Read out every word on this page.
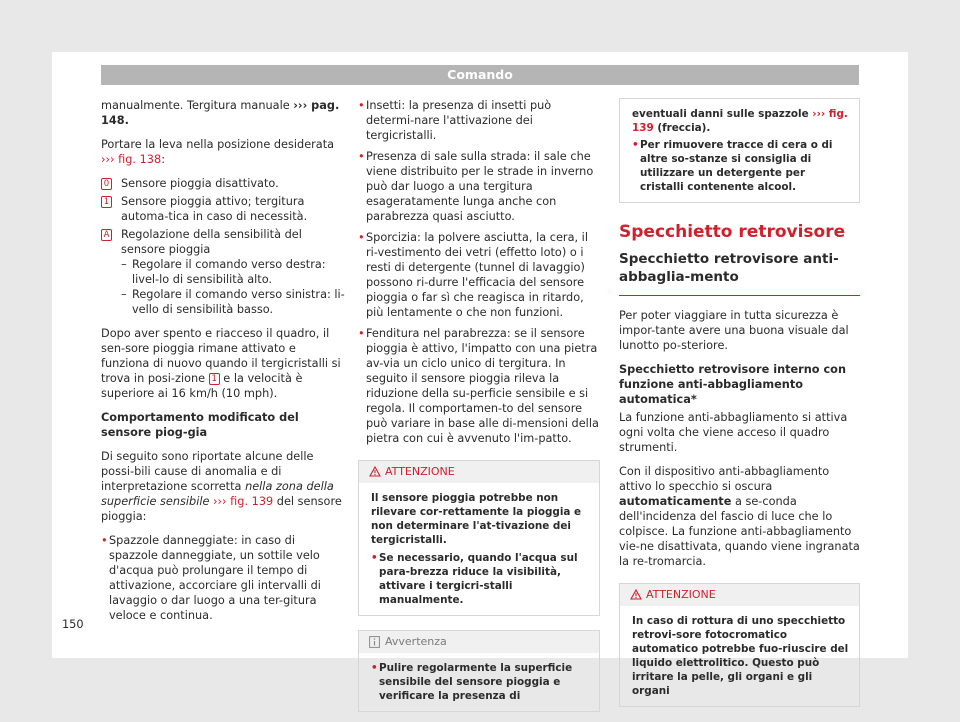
Comando

manualmente. Tergitura manuale ››› pag. 148.

Portare la leva nella posizione desiderata ››› fig. 138:

0 Sensore pioggia disattivato.
1 Sensore pioggia attivo; tergitura automa-tica in caso di necessità.
A Regolazione della sensibilità del sensore pioggia
– Regolare il comando verso destra: livel-lo di sensibilità alto.
– Regolare il comando verso sinistra: li-vello di sensibilità basso.

Dopo aver spento e riacceso il quadro, il sen-sore pioggia rimane attivato e funziona di nuovo quando il tergicristalli si trova in posi-zione 1 e la velocità è superiore ai 16 km/h (10 mph).

Comportamento modificato del sensore piog-gia

Di seguito sono riportate alcune delle possi-bili cause di anomalia e di interpretazione scorretta nella zona della superficie sensibile ››› fig. 139 del sensore pioggia:

• Spazzole danneggiate: in caso di spazzole danneggiate, un sottile velo d'acqua può prolungare il tempo di attivazione, accorciare gli intervalli di lavaggio o dar luogo a una ter-gitura veloce e continua.
• Insetti: la presenza di insetti può determi-nare l'attivazione dei tergicristalli.
• Presenza di sale sulla strada: il sale che viene distribuito per le strade in inverno può dar luogo a una tergitura esageratamente lunga anche con parabrezza quasi asciutto.
• Sporcizia: la polvere asciutta, la cera, il ri-vestimento dei vetri (effetto loto) o i resti di detergente (tunnel di lavaggio) possono ri-durre l'efficacia del sensore pioggia o far sì che reagisca in ritardo, più lentamente o che non funzioni.
• Fenditura nel parabrezza: se il sensore pioggia è attivo, l'impatto con una pietra av-via un ciclo unico di tergitura. In seguito il sensore pioggia rileva la riduzione della su-perficie sensibile e si regola. Il comportamen-to del sensore può variare in base alle di-mensioni della pietra con cui è avvenuto l'im-patto.
ATTENZIONE

Il sensore pioggia potrebbe non rilevare cor-rettamente la pioggia e non determinare l'at-tivazione dei tergicristalli.

• Se necessario, quando l'acqua sul para-brezza riduce la visibilità, attivare i tergicri-stalli manualmente.
Avvertenza
• Pulire regolarmente la superficie sensibile del sensore pioggia e verificare la presenza di

eventuali danni sulle spazzole ››› fig. 139 (freccia).

• Per rimuovere tracce di cera o di altre so-stanze si consiglia di utilizzare un detergente per cristalli contenente alcool.
Specchietto retrovisore
Specchietto retrovisore anti-abbaglia-mento

Per poter viaggiare in tutta sicurezza è impor-tante avere una buona visuale dal lunotto po-steriore.

Specchietto retrovisore interno con funzione anti-abbagliamento automatica*

La funzione anti-abbagliamento si attiva ogni volta che viene acceso il quadro strumenti.

Con il dispositivo anti-abbagliamento attivo lo specchio si oscura automaticamente a se-conda dell'incidenza del fascio di luce che lo colpisce. La funzione anti-abbagliamento vie-ne disattivata, quando viene ingranata la re-tromarcia.

ATTENZIONE

In caso di rottura di uno specchietto retrovi-sore fotocromatico automatico potrebbe fuo-riuscire del liquido elettrolitico. Questo può irritare la pelle, gli organi e gli organi

150
